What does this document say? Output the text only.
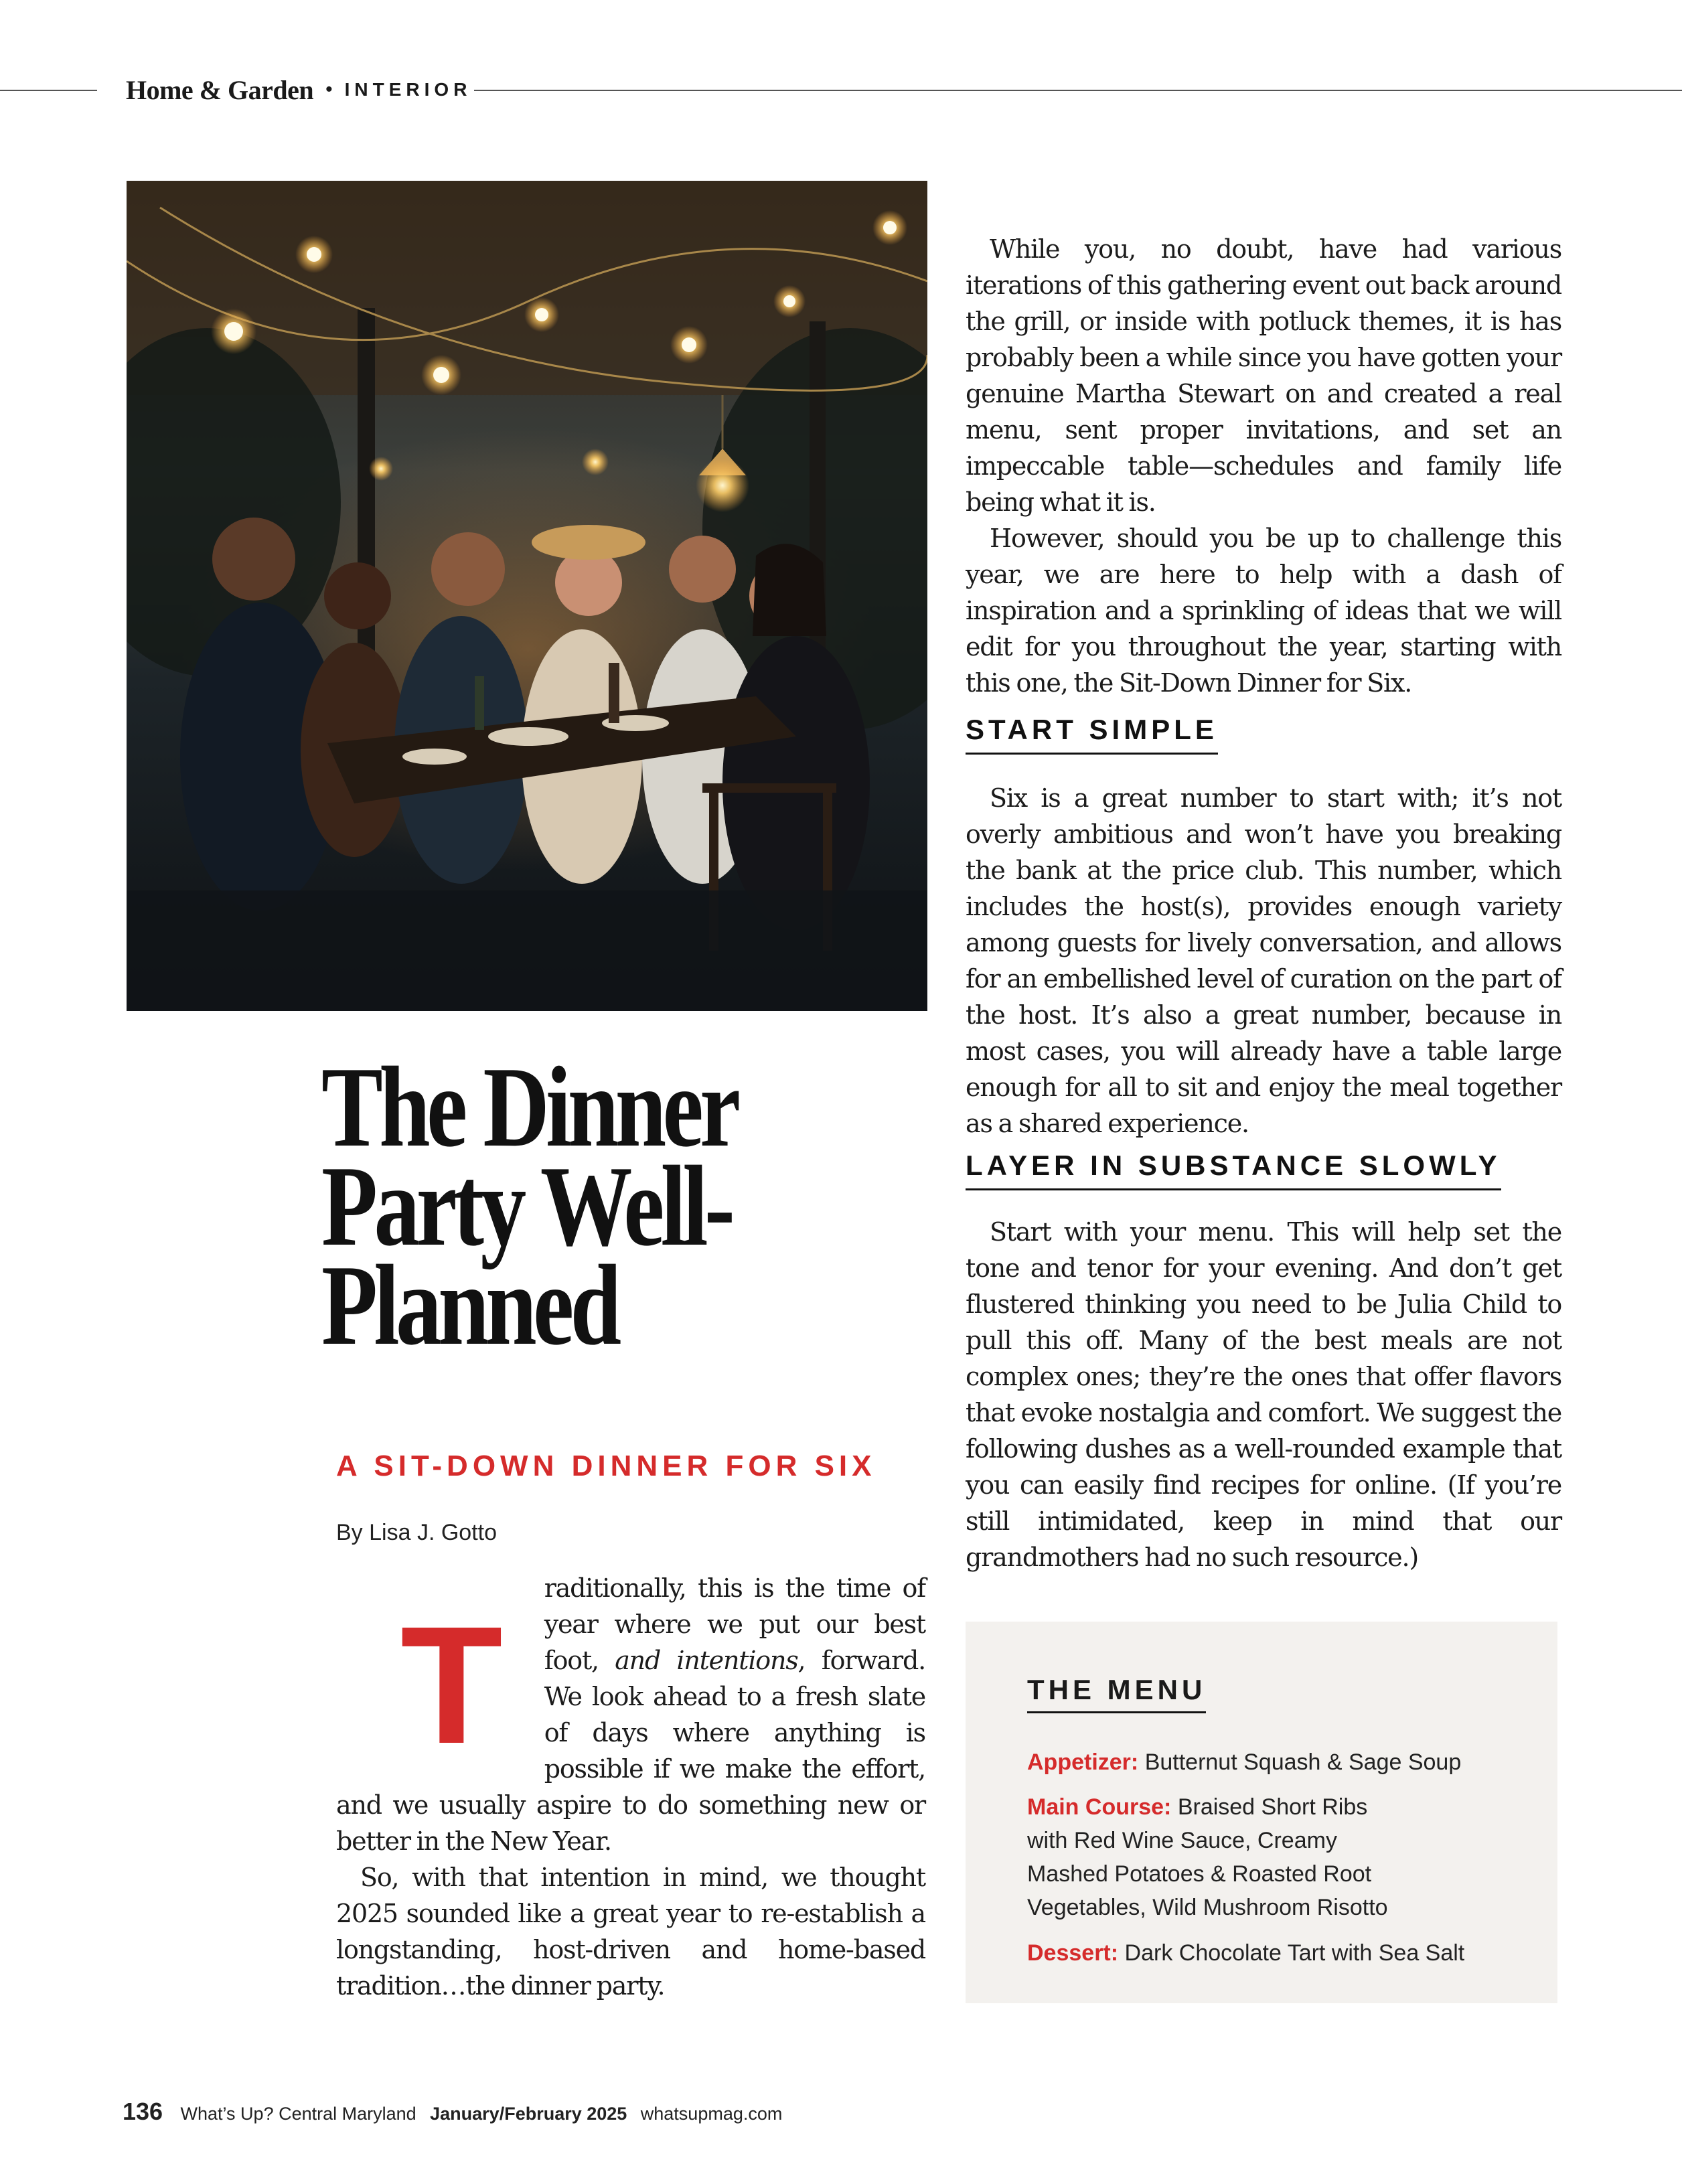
Home & Garden • INTERIOR
The Dinner
Party Well-
Planned

A SIT-DOWN DINNER FOR SIX

By Lisa J. Gotto

T

raditionally, this is the time of year where we put our best foot, and intentions, forward. We look ahead to a fresh slate of days where anything is possible if we make the effort, and we usually aspire to do something new or better in the New Year.

So, with that intention in mind, we thought 2025 sounded like a great year to re-establish a longstanding, host-driven and home-based tradition…the dinner party.

While you, no doubt, have had various iterations of this gathering event out back around the grill, or inside with potluck themes, it is has probably been a while since you have gotten your genuine Martha Stewart on and created a real menu, sent proper invitations, and set an impeccable table—schedules and family life being what it is.

However, should you be up to challenge this year, we are here to help with a dash of inspiration and a sprinkling of ideas that we will edit for you throughout the year, starting with this one, the Sit-Down Dinner for Six.

START SIMPLE

Six is a great number to start with; it’s not overly ambitious and won’t have you breaking the bank at the price club. This number, which includes the host(s), provides enough variety among guests for lively conversation, and allows for an embellished level of curation on the part of the host. It’s also a great number, because in most cases, you will already have a table large enough for all to sit and enjoy the meal together as a shared experience.

LAYER IN SUBSTANCE SLOWLY

Start with your menu. This will help set the tone and tenor for your evening. And don’t get flustered thinking you need to be Julia Child to pull this off. Many of the best meals are not complex ones; they’re the ones that offer flavors that evoke nostalgia and comfort. We suggest the following dushes as a well-rounded example that you can easily find recipes for online. (If you’re still intimidated, keep in mind that our grandmothers had no such resource.)

THE MENU

Appetizer: Butternut Squash & Sage Soup

Main Course: Braised Short Ribs with Red Wine Sauce, Creamy Mashed Potatoes & Roasted Root Vegetables, Wild Mushroom Risotto

Dessert: Dark Chocolate Tart with Sea Salt

136 What’s Up? Central Maryland January/February 2025 whatsupmag.com
